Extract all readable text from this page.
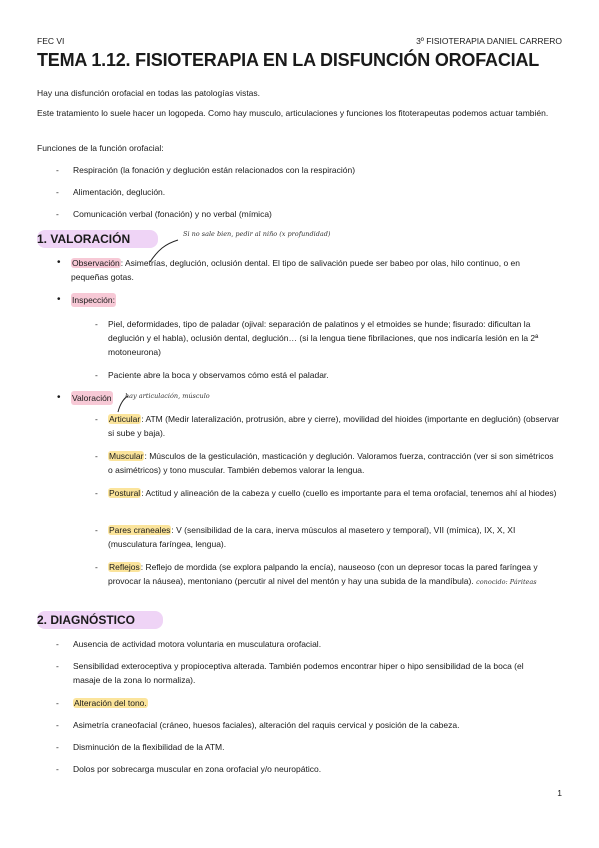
FEC VI	3º FISIOTERAPIA DANIEL CARRERO
TEMA 1.12. FISIOTERAPIA EN LA DISFUNCIÓN OROFACIAL
Hay una disfunción orofacial en todas las patologías vistas.
Este tratamiento lo suele hacer un logopeda. Como hay musculo, articulaciones y funciones los fitoterapeutas podemos actuar también.
Funciones de la función orofacial:
- Respiración (la fonación y deglución están relacionados con la respiración)
- Alimentación, deglución.
- Comunicación verbal (fonación) y no verbal (mímica)
1. VALORACIÓN	Si no sale bien, pedir al niño (x profundidad)
• Observación: Asimetrías, deglución, oclusión dental. El tipo de salivación puede ser babeo por olas, hilo continuo, o en pequeñas gotas.
• Inspección:
- Piel, deformidades, tipo de paladar (ojival: separación de palatinos y el etmoides se hunde; fisurado: dificultan la deglución y el habla), oclusión dental, deglución… (si la lengua tiene fibrilaciones, que nos indicaría lesión en la 2ª motoneurona)
- Paciente abre la boca y observamos cómo está el paladar.
• Valoración hay articulación, músculo
- Articular: ATM (Medir lateralización, protrusión, abre y cierre), movilidad del hioides (importante en deglución) (observar si sube y baja).
- Muscular: Músculos de la gesticulación, masticación y deglución. Valoramos fuerza, contracción (ver si son simétricos o asimétricos) y tono muscular. También debemos valorar la lengua.
- Postural: Actitud y alineación de la cabeza y cuello (cuello es importante para el tema orofacial, tenemos ahí al hiodes)
- Pares craneales: V (sensibilidad de la cara, inerva músculos al masetero y temporal), VII (mímica), IX, X, XI (musculatura faríngea, lengua).
- Reflejos: Reflejo de mordida (se explora palpando la encía), nauseoso (con un depresor tocas la pared faríngea y provocar la náusea), mentoniano (percutir al nivel del mentón y hay una subida de la mandíbula). conocido: Páriteas
2. DIAGNÓSTICO
- Ausencia de actividad motora voluntaria en musculatura orofacial.
- Sensibilidad exteroceptiva y propioceptiva alterada. También podemos encontrar hiper o hipo sensibilidad de la boca (el masaje de la zona lo normaliza).
- Alteración del tono.
- Asimetría craneofacial (cráneo, huesos faciales), alteración del raquis cervical y posición de la cabeza.
- Disminución de la flexibilidad de la ATM.
- Dolos por sobrecarga muscular en zona orofacial y/o neuropático.
1
